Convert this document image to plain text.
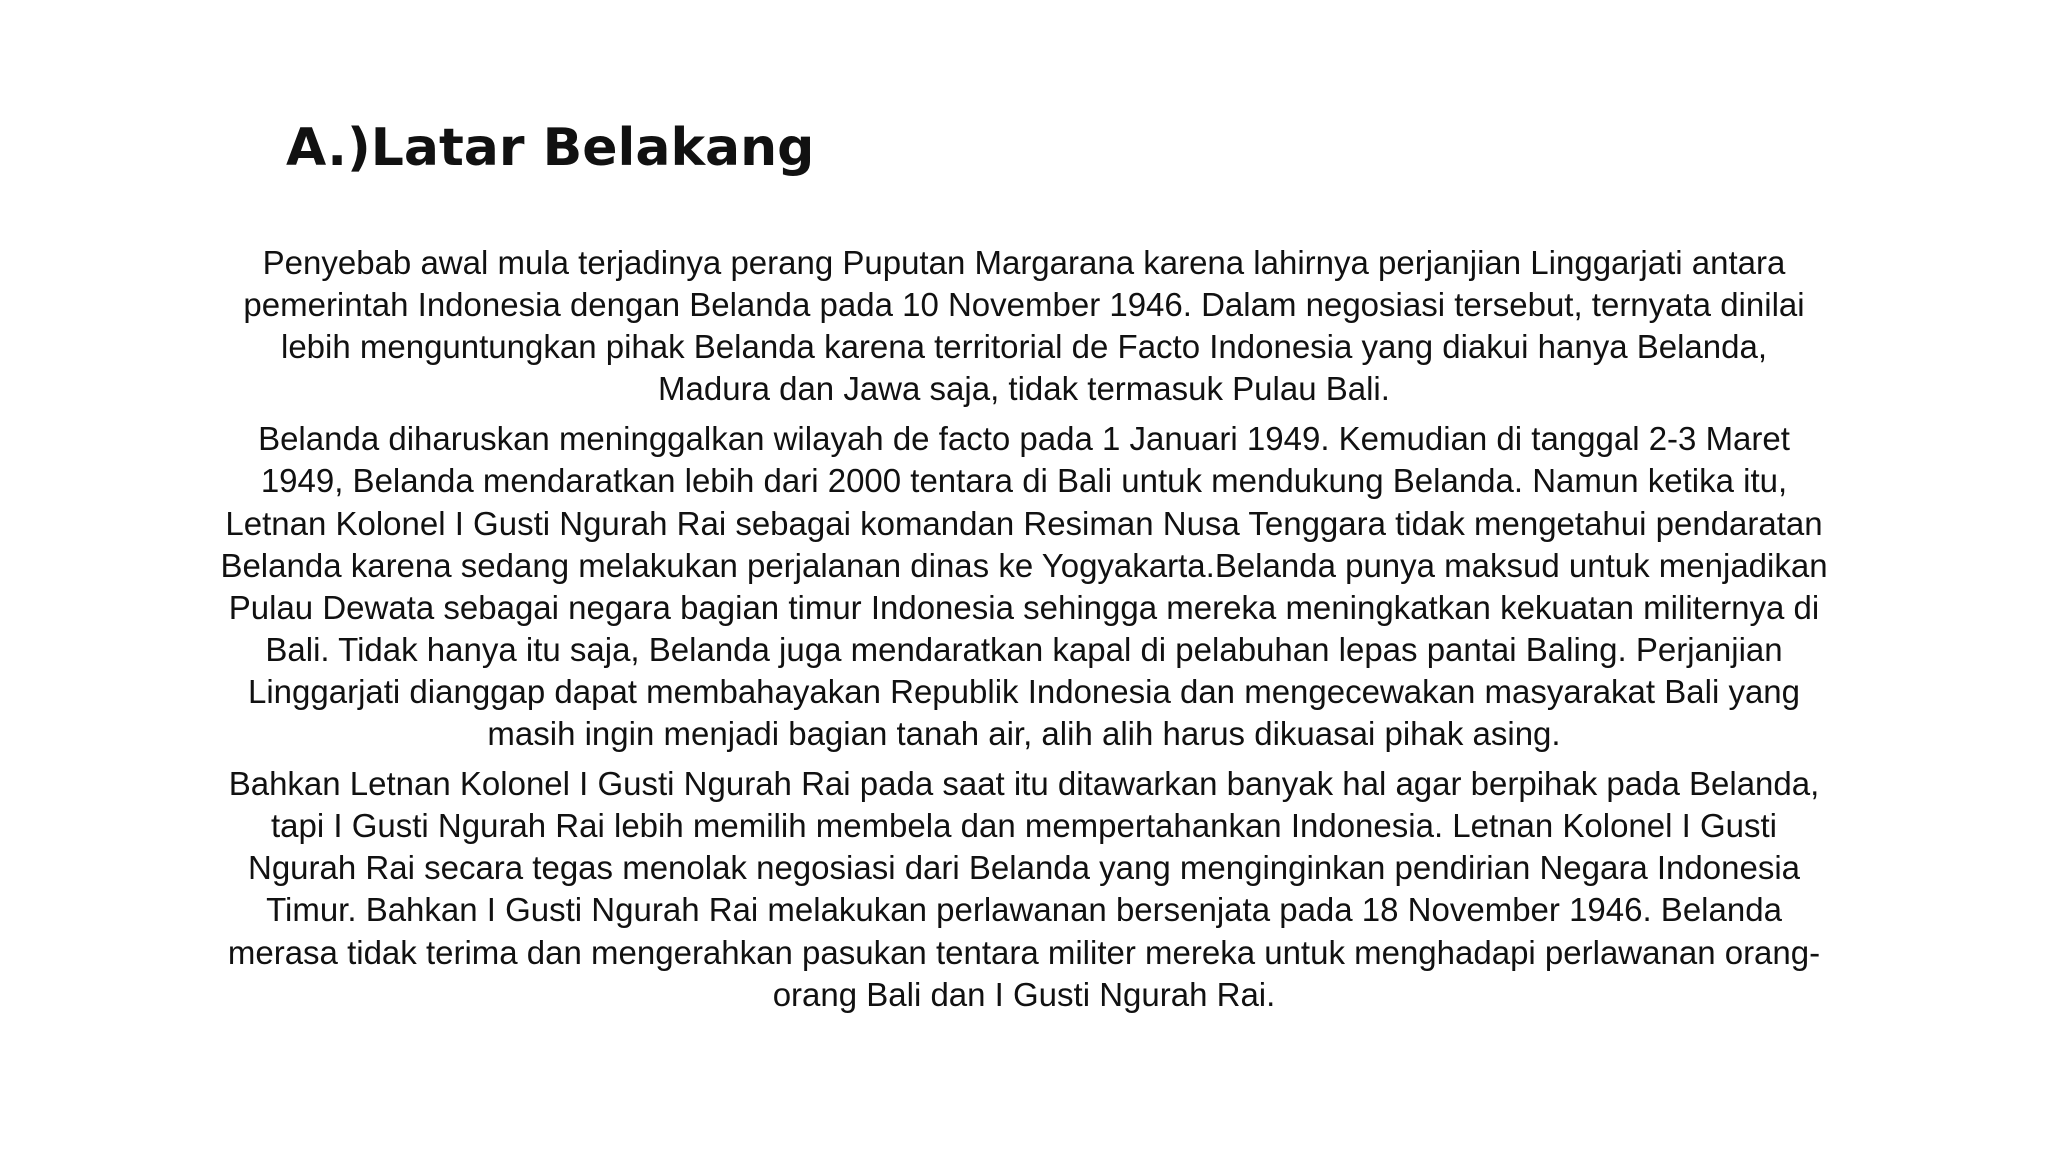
A.)Latar Belakang

Penyebab awal mula terjadinya perang Puputan Margarana karena lahirnya perjanjian Linggarjati antara
pemerintah Indonesia dengan Belanda pada 10 November 1946. Dalam negosiasi tersebut, ternyata dinilai
lebih menguntungkan pihak Belanda karena territorial de Facto Indonesia yang diakui hanya Belanda,
Madura dan Jawa saja, tidak termasuk Pulau Bali.

Belanda diharuskan meninggalkan wilayah de facto pada 1 Januari 1949. Kemudian di tanggal 2-3 Maret
1949, Belanda mendaratkan lebih dari 2000 tentara di Bali untuk mendukung Belanda. Namun ketika itu,
Letnan Kolonel I Gusti Ngurah Rai sebagai komandan Resiman Nusa Tenggara tidak mengetahui pendaratan
Belanda karena sedang melakukan perjalanan dinas ke Yogyakarta.Belanda punya maksud untuk menjadikan
Pulau Dewata sebagai negara bagian timur Indonesia sehingga mereka meningkatkan kekuatan militernya di
Bali. Tidak hanya itu saja, Belanda juga mendaratkan kapal di pelabuhan lepas pantai Baling. Perjanjian
Linggarjati dianggap dapat membahayakan Republik Indonesia dan mengecewakan masyarakat Bali yang
masih ingin menjadi bagian tanah air, alih alih harus dikuasai pihak asing.

Bahkan Letnan Kolonel I Gusti Ngurah Rai pada saat itu ditawarkan banyak hal agar berpihak pada Belanda,
tapi I Gusti Ngurah Rai lebih memilih membela dan mempertahankan Indonesia. Letnan Kolonel I Gusti
Ngurah Rai secara tegas menolak negosiasi dari Belanda yang menginginkan pendirian Negara Indonesia
Timur. Bahkan I Gusti Ngurah Rai melakukan perlawanan bersenjata pada 18 November 1946. Belanda
merasa tidak terima dan mengerahkan pasukan tentara militer mereka untuk menghadapi perlawanan orang-
orang Bali dan I Gusti Ngurah Rai.
